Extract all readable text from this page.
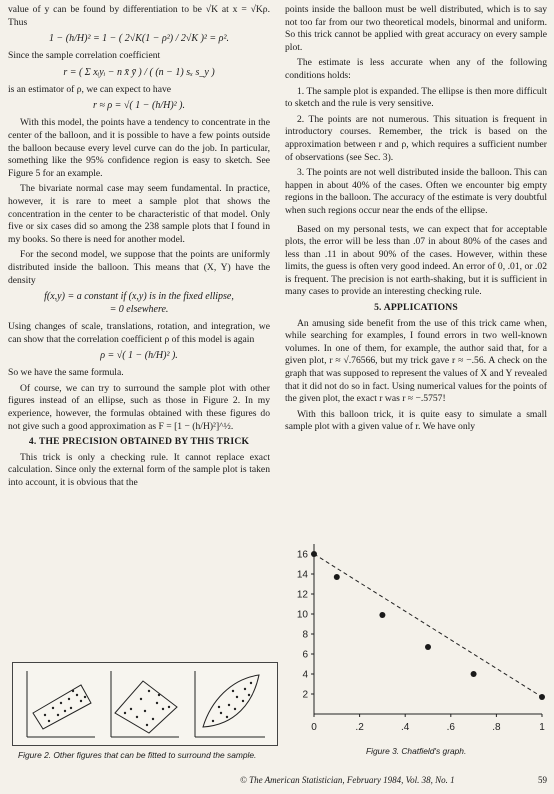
value of y can be found by differentiation to be √K at x = √Kρ. Thus

1 − (h/H)² = 1 − ( 2√K(1 − ρ²) / 2√K )² = ρ².

Since the sample correlation coefficient

r = ( Σ xᵢyᵢ − n x̄ ȳ ) / ( (n − 1) sₓ s_y )

is an estimator of ρ, we can expect to have

r ≈ ρ = √( 1 − (h/H)² ).

With this model, the points have a tendency to concentrate in the center of the balloon, and it is possible to have a few points outside the balloon because every level curve can do the job. In particular, something like the 95% confidence region is easy to sketch. See Figure 5 for an example.

The bivariate normal case may seem fundamental. In practice, however, it is rare to meet a sample plot that shows the concentration in the center to be characteristic of that model. Only five or six cases did so among the 238 sample plots that I found in my books. So there is need for another model.

For the second model, we suppose that the points are uniformly distributed inside the balloon. This means that (X, Y) have the density

f(x,y) = a constant if (x,y) is in the fixed ellipse,
= 0 elsewhere.

Using changes of scale, translations, rotation, and integration, we can show that the correlation coefficient ρ of this model is again

ρ = √( 1 − (h/H)² ).

So we have the same formula.

Of course, we can try to surround the sample plot with other figures instead of an ellipse, such as those in Figure 2. In my experience, however, the formulas obtained with these figures do not give such a good approximation as F = [1 − (h/H)²]^½.

4. THE PRECISION OBTAINED BY THIS TRICK

This trick is only a checking rule. It cannot replace exact calculation. Since only the external form of the sample plot is taken into account, it is obvious that the

points inside the balloon must be well distributed, which is to say not too far from our two theoretical models, binormal and uniform. So this trick cannot be applied with great accuracy on every sample plot.

The estimate is less accurate when any of the following conditions holds:

1. The sample plot is expanded. The ellipse is then more difficult to sketch and the rule is very sensitive.

2. The points are not numerous. This situation is frequent in introductory courses. Remember, the trick is based on the approximation between r and ρ, which requires a sufficient number of observations (see Sec. 3).

3. The points are not well distributed inside the balloon. This can happen in about 40% of the cases. Often we encounter big empty regions in the balloon. The accuracy of the estimate is very doubtful when such regions occur near the ends of the ellipse.

Based on my personal tests, we can expect that for acceptable plots, the error will be less than .07 in about 80% of the cases and less than .11 in about 90% of the cases. However, within these limits, the guess is often very good indeed. An error of 0, .01, or .02 is frequent. The precision is not earth-shaking, but it is sufficient in many cases to provide an interesting checking rule.

5. APPLICATIONS

An amusing side benefit from the use of this trick came when, while searching for examples, I found errors in two well-known volumes. In one of them, for example, the author said that, for a given plot, r ≈ √.76566, but my trick gave r ≈ −.56. A check on the graph that was supposed to represent the values of X and Y revealed that it did not do so in fact. Using numerical values for the points of the given plot, the exact r was r ≈ −.5757!

With this balloon trick, it is quite easy to simulate a small sample plot with a given value of r. We have only

Figure 2. Other figures that can be fitted to surround the sample.
2
4
6
8
10
12
14
16
0	.2	.4	.6	.8	1
Figure 3. Chatfield's graph.
© The American Statistician, February 1984, Vol. 38, No. 1	59
